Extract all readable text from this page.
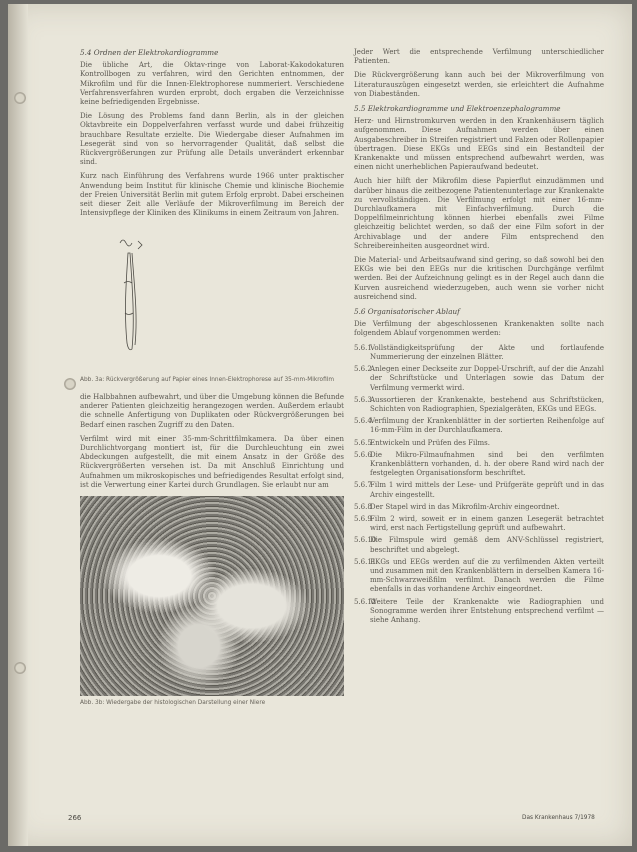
5.4 Ordnen der Elektrokardiogramme

Die übliche Art, die Oktav-ringe von Laborat-Kakodokaturen Kontrollbogen zu verfahren, wird den Gerichten entnommen, der Mikrofilm und für die Innen-Elektrophorese nummeriert. Verschiedene Verfahrensverfahren wurden erprobt, doch ergaben die Verzeichnisse keine befriedigenden Ergebnisse.

Die Lösung des Problems fand dann Berlin, als in der gleichen Oktavbreite ein Doppelverfahren verfasst wurde und dabei frühzeitig brauchbare Resultate erzielte. Die Wiedergabe dieser Aufnahmen im Lesegerät sind von so hervorragender Qualität, daß selbst die Rückvergrößerungen zur Prüfung alle Details unverändert erkennbar sind.

Kurz nach Einführung des Verfahrens wurde 1966 unter praktischer Anwendung beim Institut für klinische Chemie und klinische Biochemie der Freien Universität Berlin mit gutem Erfolg erprobt. Dabei erscheinen seit dieser Zeit alle Verläufe der Mikroverfilmung im Bereich der Intensivpflege der Kliniken des Klinikums in einem Zeitraum von Jahren.

Abb. 3a: Rückvergrößerung auf Papier eines Innen-Elektrophorese auf 35-mm-Mikrofilm

die Halbbahnen aufbewahrt, und über die Umgebung können die Befunde anderer Patienten gleichzeitig herangezogen werden. Außerdem erlaubt die schnelle Anfertigung von Duplikaten oder Rückvergrößerungen bei Bedarf einen raschen Zugriff zu den Daten.

Verfilmt wird mit einer 35-mm-Schrittfilmkamera. Da über einen Durchlichtvorgang montiert ist, für die Durchleuchtung ein zwei Abdeckungen aufgestellt, die mit einem Ansatz in der Größe des Rückvergrößerten versehen ist. Da mit Anschluß Einrichtung und Aufnahmen um mikroskopisches und befriedigendes Resultat erfolgt sind, ist die Verwertung einer Kartei durch Grundlagen. Sie erlaubt nur am

Abb. 3b: Wiedergabe der histologischen Darstellung einer Niere

Jeder Wert die entsprechende Verfilmung unterschiedlicher Patienten.

Die Rückvergrößerung kann auch bei der Mikroverfilmung von Literaturauszügen eingesetzt werden, sie erleichtert die Aufnahme von Diabeständen.

5.5 Elektrokardiogramme und Elektroenzephalogramme

Herz- und Hirnstromkurven werden in den Krankenhäusern täglich aufgenommen. Diese Aufnahmen werden über einen Ausgabeschreiber in Streifen registriert und Falzen oder Rollenpapier übertragen. Diese EKGs und EEGs sind ein Bestandteil der Krankenakte und müssen entsprechend aufbewahrt werden, was einen nicht unerheblichen Papieraufwand bedeutet.

Auch hier hilft der Mikrofilm diese Papierflut einzudämmen und darüber hinaus die zeitbezogene Patientenunterlage zur Krankenakte zu vervollständigen. Die Verfilmung erfolgt mit einer 16-mm-Durchlaufkamera mit Einfachverfilmung. Durch die Doppelfilmeinrichtung können hierbei ebenfalls zwei Filme gleichzeitig belichtet werden, so daß der eine Film sofort in der Archivablage und der andere Film entsprechend den Schreibereinheiten ausgeordnet wird.

Die Material- und Arbeitsaufwand sind gering, so daß sowohl bei den EKGs wie bei den EEGs nur die kritischen Durchgänge verfilmt werden. Bei der Aufzeichnung gelingt es in der Regel auch dann die Kurven ausreichend wiederzugeben, auch wenn sie vorher nicht ausreichend sind.

5.6 Organisatorischer Ablauf

Die Verfilmung der abgeschlossenen Krankenakten sollte nach folgendem Ablauf vorgenommen werden:

5.6.1
Vollständigkeitsprüfung der Akte und fortlaufende Nummerierung der einzelnen Blätter.
5.6.2
Anlegen einer Deckseite zur Doppel-Urschrift, auf der die Anzahl der Schriftstücke und Unterlagen sowie das Datum der Verfilmung vermerkt wird.
5.6.3
Aussortieren der Krankenakte, bestehend aus Schriftstücken, Schichten von Radiographien, Spezialgeräten, EKGs und EEGs.
5.6.4
Verfilmung der Krankenblätter in der sortierten Reihenfolge auf 16-mm-Film in der Durchlaufkamera.
5.6.5
Entwickeln und Prüfen des Films.
5.6.6
Die Mikro-Filmaufnahmen sind bei den verfilmten Krankenblättern vorhanden, d. h. der obere Rand wird nach der festgelegten Organisationsform beschriftet.
5.6.7
Film 1 wird mittels der Lese- und Prüfgeräte geprüft und in das Archiv eingestellt.
5.6.8
Der Stapel wird in das Mikrofilm-Archiv eingeordnet.
5.6.9
Film 2 wird, soweit er in einem ganzen Lesegerät betrachtet wird, erst nach Fertigstellung geprüft und aufbewahrt.
5.6.10
Die Filmspule wird gemäß dem ANV-Schlüssel registriert, beschriftet und abgelegt.
5.6.11
EKGs und EEGs werden auf die zu verfilmenden Akten verteilt und zusammen mit den Krankenblättern in derselben Kamera 16-mm-Schwarzweißfilm verfilmt. Danach werden die Filme ebenfalls in das vorhandene Archiv eingeordnet.
5.6.12
Weitere Teile der Krankenakte wie Radiographien und Sonogramme werden ihrer Entstehung entsprechend verfilmt — siehe Anhang.
266	Das Krankenhaus 7/1978
